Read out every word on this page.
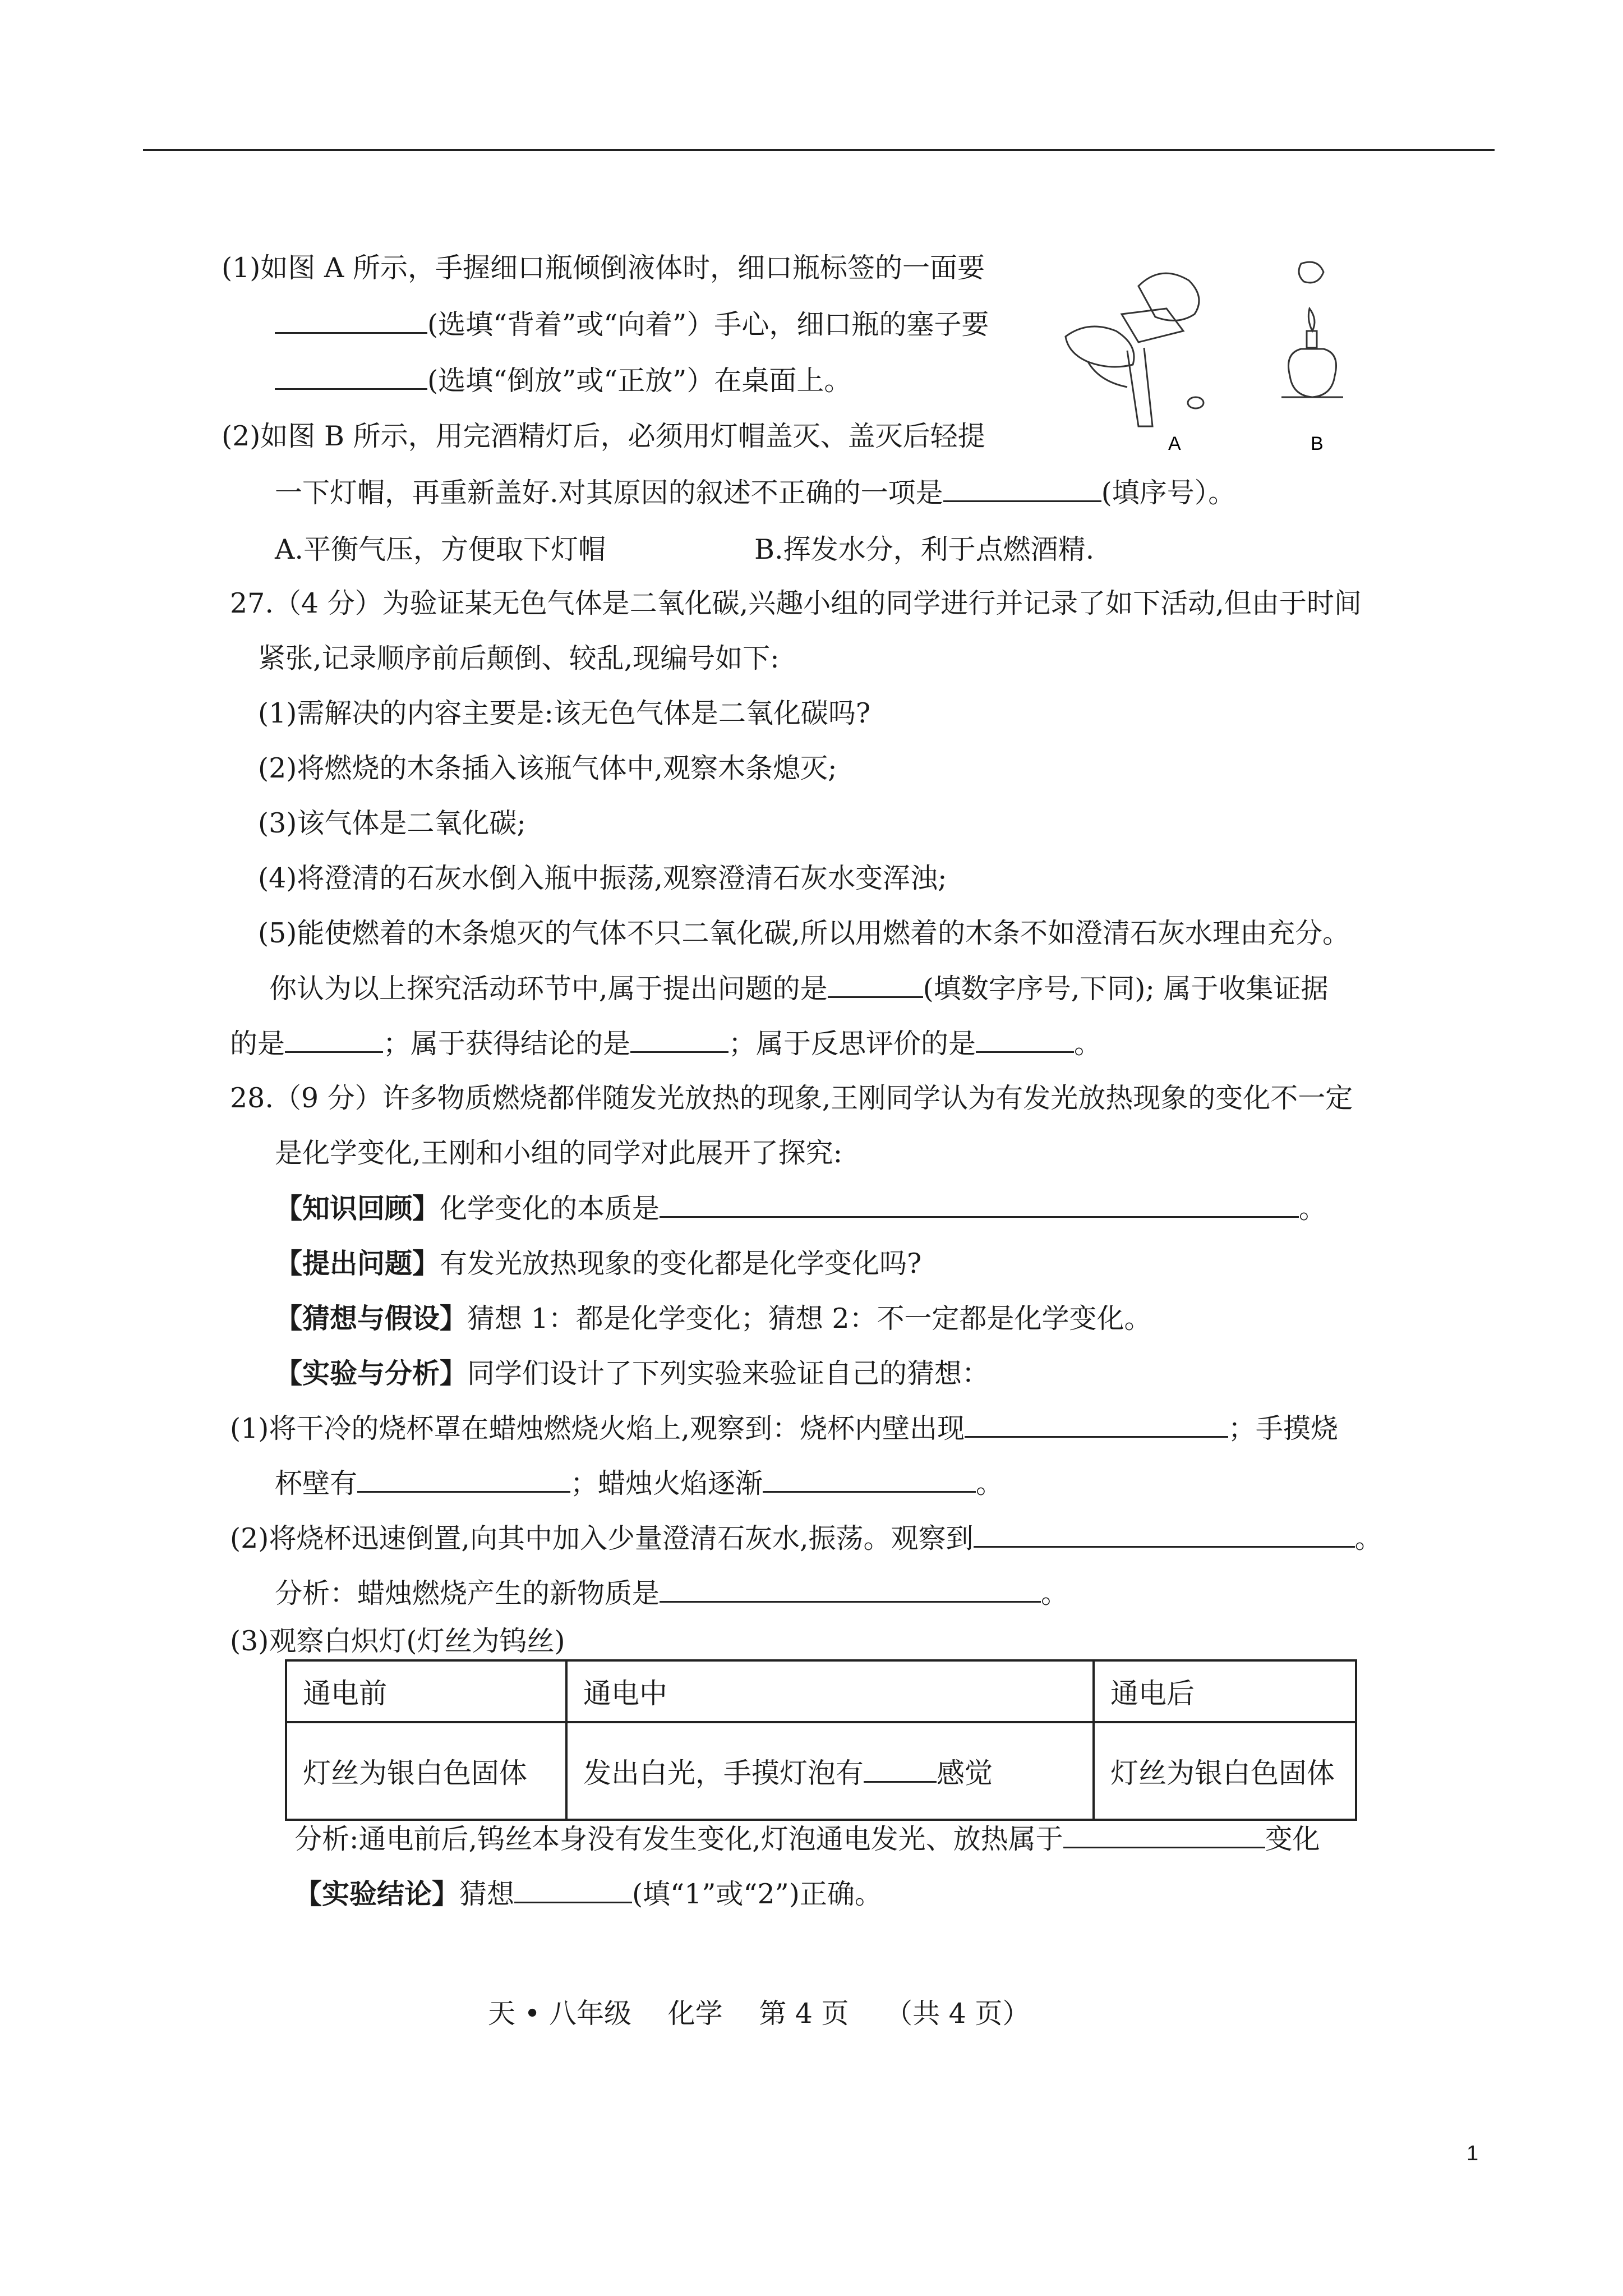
(1)如图 A 所示，手握细口瓶倾倒液体时，细口瓶标签的一面要
(选填“背着”或“向着”）手心，细口瓶的塞子要
(选填“倒放”或“正放”）在桌面上。
A	B
(2)如图 B 所示，用完酒精灯后，必须用灯帽盖灭、盖灭后轻提
一下灯帽，再重新盖好.对其原因的叙述不正确的一项是	(填序号）。
A.平衡气压，方便取下灯帽	B.挥发水分，利于点燃酒精.
27.（4 分）为验证某无色气体是二氧化碳,兴趣小组的同学进行并记录了如下活动,但由于时间
紧张,记录顺序前后颠倒、较乱,现编号如下:
(1)需解决的内容主要是:该无色气体是二氧化碳吗?
(2)将燃烧的木条插入该瓶气体中,观察木条熄灭;
(3)该气体是二氧化碳;
(4)将澄清的石灰水倒入瓶中振荡,观察澄清石灰水变浑浊;
(5)能使燃着的木条熄灭的气体不只二氧化碳,所以用燃着的木条不如澄清石灰水理由充分。
你认为以上探究活动环节中,属于提出问题的是	(填数字序号,下同); 属于收集证据
的是	；属于获得结论的是	；属于反思评价的是	。
28.（9 分）许多物质燃烧都伴随发光放热的现象,王刚同学认为有发光放热现象的变化不一定
是化学变化,王刚和小组的同学对此展开了探究:
【知识回顾】化学变化的本质是	。
【提出问题】有发光放热现象的变化都是化学变化吗?
【猜想与假设】猜想 1：都是化学变化；猜想 2：不一定都是化学变化。
【实验与分析】同学们设计了下列实验来验证自己的猜想：
(1)将干冷的烧杯罩在蜡烛燃烧火焰上,观察到：烧杯内壁出现	；手摸烧
杯壁有	；蜡烛火焰逐渐	。
(2)将烧杯迅速倒置,向其中加入少量澄清石灰水,振荡。观察到	。
分析：蜡烛燃烧产生的新物质是	。
(3)观察白炽灯(灯丝为钨丝)
通电前	通电中	通电后
灯丝为银白色固体	发出白光，手摸灯泡有 感觉	灯丝为银白色固体
分析:通电前后,钨丝本身没有发生变化,灯泡通电发光、放热属于	变化
【实验结论】猜想	(填“1”或“2”)正确。
天 • 八年级　 化学　 第 4 页　 （共 4 页）
1
